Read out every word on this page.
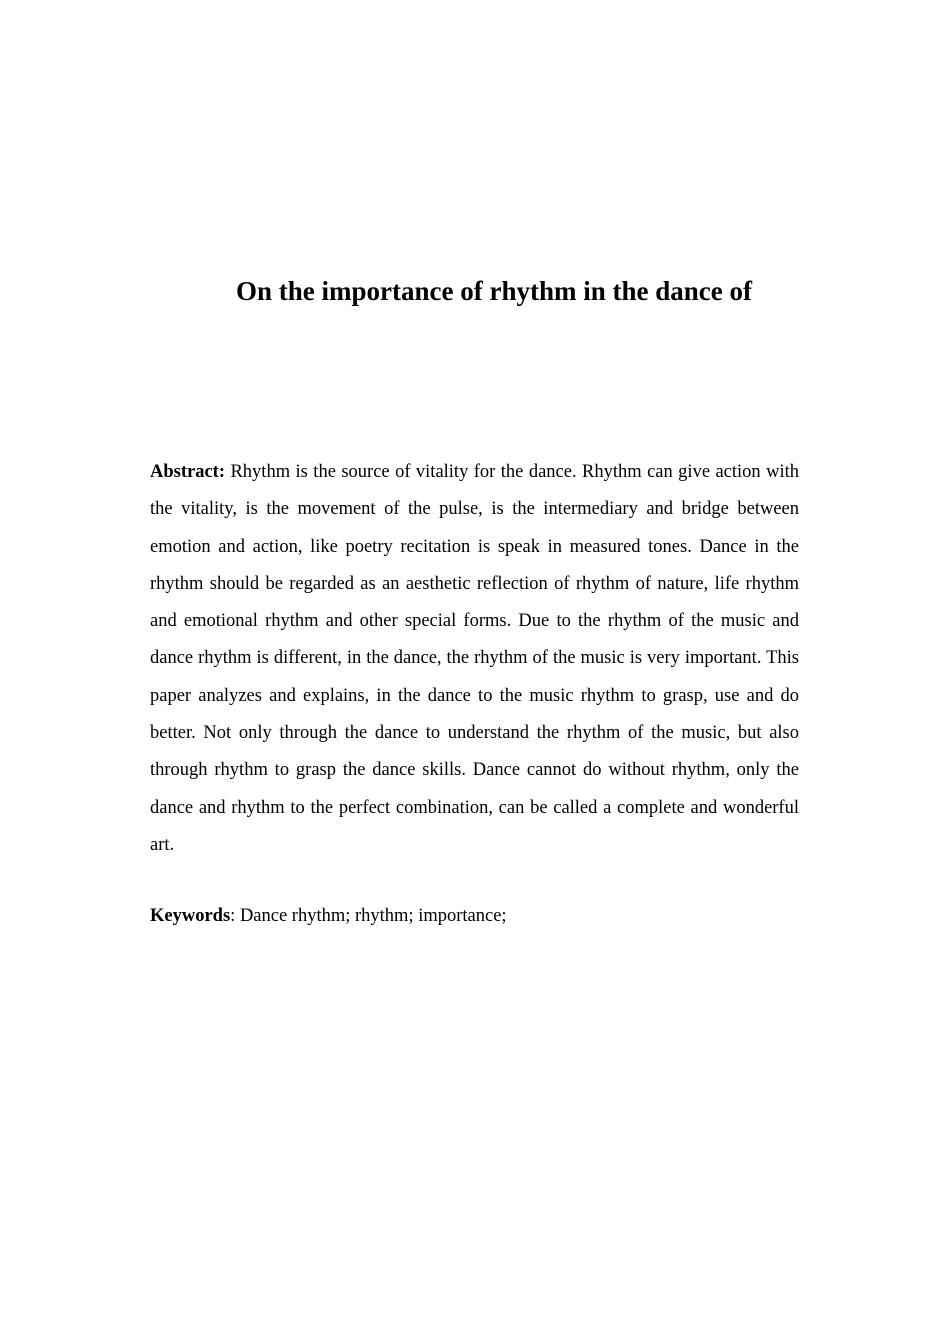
On the importance of rhythm in the dance of

Abstract: Rhythm is the source of vitality for the dance. Rhythm can give action with the vitality, is the movement of the pulse, is the intermediary and bridge between emotion and action, like poetry recitation is speak in measured tones. Dance in the rhythm should be regarded as an aesthetic reflection of rhythm of nature, life rhythm and emotional rhythm and other special forms. Due to the rhythm of the music and dance rhythm is different, in the dance, the rhythm of the music is very important. This paper analyzes and explains, in the dance to the music rhythm to grasp, use and do better. Not only through the dance to understand the rhythm of the music, but also through rhythm to grasp the dance skills. Dance cannot do without rhythm, only the dance and rhythm to the perfect combination, can be called a complete and wonderful art.

Keywords: Dance rhythm; rhythm; importance;
